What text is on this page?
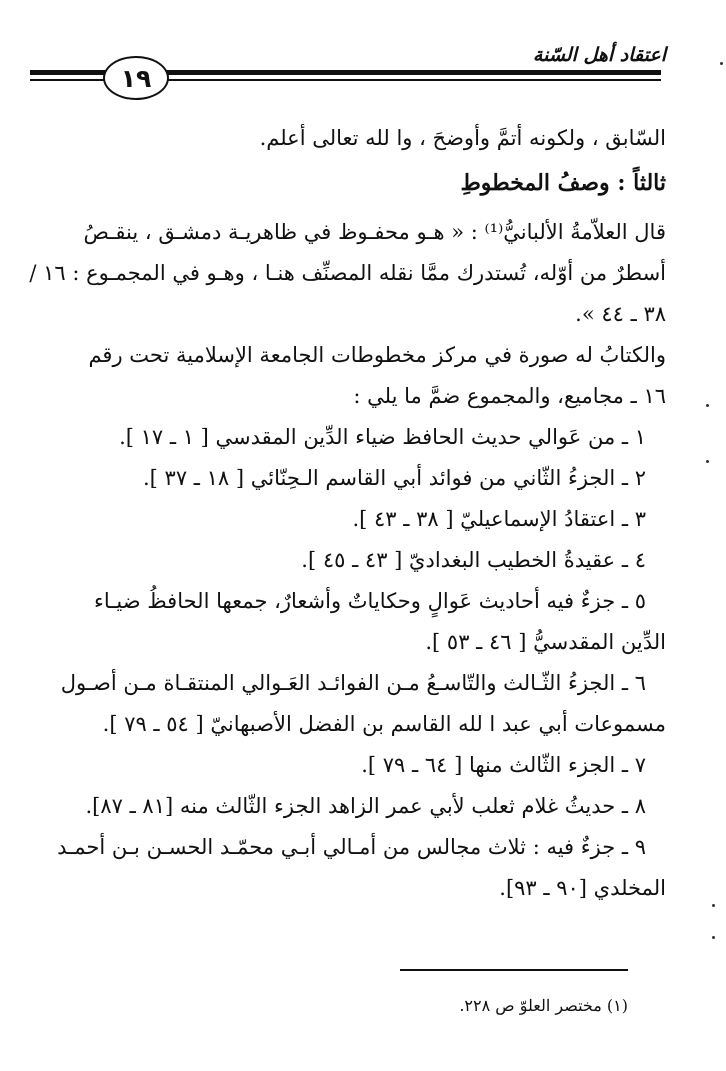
اعتقاد أهل السّنة
١٩
السّابق ، ولكونه أتمَّ وأوضحَ ، وا لله تعالى أعلم.
ثالثاً : وصفُ المخطوطِ
قال العلاّمةُ الألبانيُّ⁽¹⁾ : « هـو محفـوظ في ظاهريـة دمشـق ، ينقـصُ
أسطرٌ من أوّله، تُستدرك ممَّا نقله المصنِّف هنـا ، وهـو في المجمـوع : ١٦ /
٣٨ ـ ٤٤ ».
والكتابُ له صورة في مركز مخطوطات الجامعة الإسلامية تحت رقم
١٦ ـ مجاميع، والمجموع ضمَّ ما يلي :
١ ـ من عَوالي حديث الحافظ ضياء الدِّين المقدسي [ ١ ـ ١٧ ].
٢ ـ الجزءُ الثّاني من فوائد أبي القاسم الـحِنّائي [ ١٨ ـ ٣٧ ].
٣ ـ اعتقادُ الإسماعيليّ [ ٣٨ ـ ٤٣ ].
٤ ـ عقيدةُ الخطيب البغداديّ [ ٤٣ ـ ٤٥ ].
٥ ـ جزءٌ فيه أحاديث عَوالٍ وحكاياتٌ وأشعارٌ، جمعها الحافظُ ضيـاء
الدِّين المقدسيُّ [ ٤٦ ـ ٥٣ ].
٦ ـ الجزءُ الثّـالث والتّاسـعُ مـن الفوائـد العَـوالي المنتقـاة مـن أصـول
مسموعات أبي عبد ا لله القاسم بن الفضل الأصبهانيّ [ ٥٤ ـ ٧٩ ].
٧ ـ الجزء الثّالث منها [ ٦٤ ـ ٧٩ ].
٨ ـ حديثُ غلام ثعلب لأبي عمر الزاهد الجزء الثّالث منه [٨١ ـ ٨٧].
٩ ـ جزءٌ فيه : ثلاث مجالس من أمـالي أبـي محمّـد الحسـن بـن أحمـد
المخلدي [٩٠ ـ ٩٣].
(١) مختصر العلوّ ص ٢٢٨.
